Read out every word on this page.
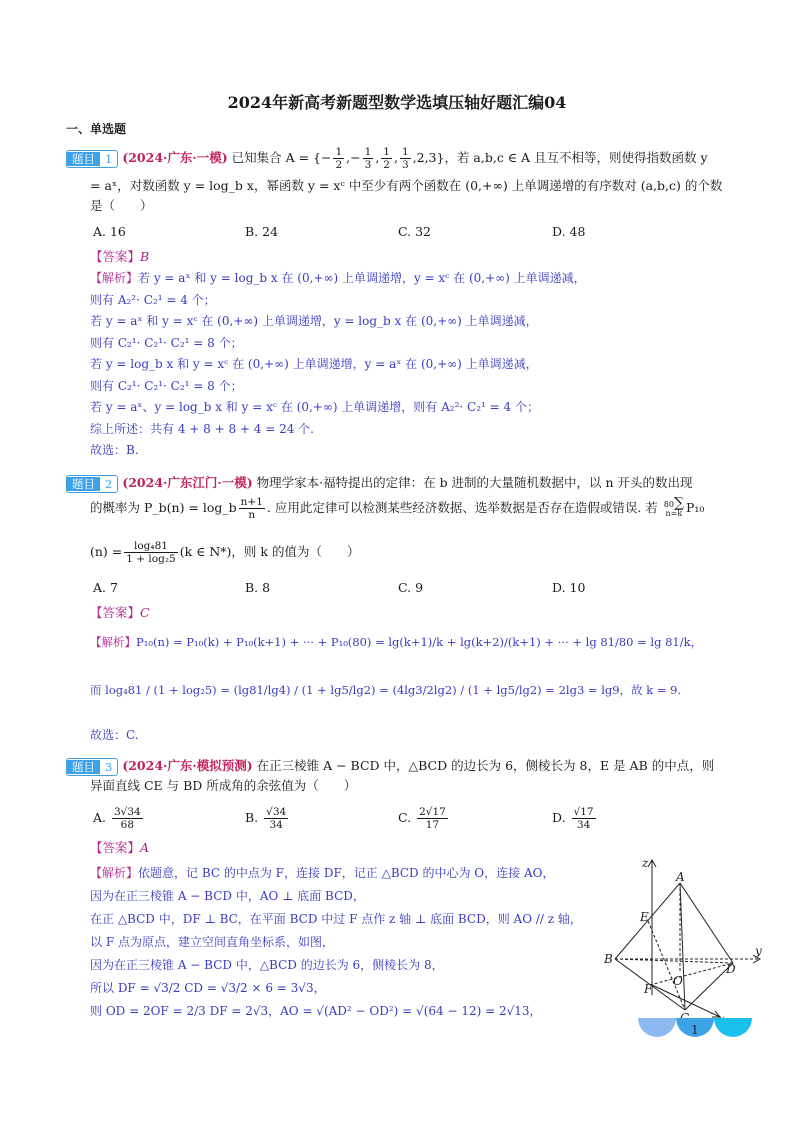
2024年新高考新题型数学选填压轴好题汇编04
一、单选题
题目 1 (2024·广东·一模) 已知集合 A = {− $\frac{1}{2}$ ,− $\frac{1}{3}$ , $\frac{1}{2}$ , $\frac{1}{3} ,2,3$}，若 a,b,c ∈ A 且互不相等，则使得指数函数 y
= aˣ，对数函数 y = log_b x，幂函数 y = xᶜ 中至少有两个函数在 (0,+∞) 上单调递增的有序数对 (a,b,c) 的个数
是（　　）
A. 16	B. 24	C. 32	D. 48
【答案】B
【解析】若 y = aˣ 和 y = log_b x 在 (0,+∞) 上单调递增，y = xᶜ 在 (0,+∞) 上单调递减，
则有 A₂²· C₂¹ = 4 个；
若 y = aˣ 和 y = xᶜ 在 (0,+∞) 上单调递增，y = log_b x 在 (0,+∞) 上单调递减，
则有 C₂¹· C₂¹· C₂¹ = 8 个；
若 y = log_b x 和 y = xᶜ 在 (0,+∞) 上单调递增，y = aˣ 在 (0,+∞) 上单调递减，
则有 C₂¹· C₂¹· C₂¹ = 8 个；
若 y = aˣ、y = log_b x 和 y = xᶜ 在 (0,+∞) 上单调递增，则有 A₂²· C₂¹ = 4 个；
综上所述：共有 4 + 8 + 8 + 4 = 24 个.
故选：B.
题目 2 (2024·广东江门·一模) 物理学家本·福特提出的定律：在 b 进制的大量随机数据中，以 n 开头的数出现
的概率为 P_b(n) = log_b $\frac{n+1}{n}$ . 应用此定律可以检测某些经济数据、选举数据是否存在造假或错误. 若 80∑
n=k P₁₀
$(n) = \frac{\text{log₄81}}{\text{1 + log₂5}} (k$ ∈ N*)，则 k 的值为（　　）
A. 7	B. 8	C. 9	D. 10
【答案】C
【解析】P₁₀(n) = P₁₀(k) + P₁₀(k+1) + ··· + P₁₀(80) = lg(k+1)/k + lg(k+2)/(k+1) + ··· + lg 81/80 = lg 81/k，
而 log₄81 / (1 + log₂5) = (lg81/lg4) / (1 + lg5/lg2) = (4lg3/2lg2) / (1 + lg5/lg2) = 2lg3 = lg9，故 k = 9.
故选：C.
题目 3 (2024·广东·模拟预测) 在正三棱锥 A − BCD 中，△BCD 的边长为 6，侧棱长为 8，E 是 AB 的中点，则
异面直线 CE 与 BD 所成角的余弦值为（　　）
A. $\frac{3√34}{68}$	B. $\frac{√34}{34}$	C. $\frac{2√17}{17}$	D. $\frac{√17}{34}$
【答案】A
【解析】依题意，记 BC 的中点为 F，连接 DF，记正 △BCD 的中心为 O，连接 AO，
因为在正三棱锥 A − BCD 中，AO ⊥ 底面 BCD，
在正 △BCD 中，DF ⊥ BC，在平面 BCD 中过 F 点作 z 轴 ⊥ 底面 BCD，则 AO // z 轴，
以 F 点为原点，建立空间直角坐标系，如图，
因为在正三棱锥 A − BCD 中，△BCD 的边长为 6，侧棱长为 8，
所以 DF = √3/2 CD = √3/2 × 6 = 3√3，
则 OD = 2OF = 2/3 DF = 2√3，AO = √(AD² − OD²) = √(64 − 12) = 2√13，
z
A
E
B
O
D
y
F
1
